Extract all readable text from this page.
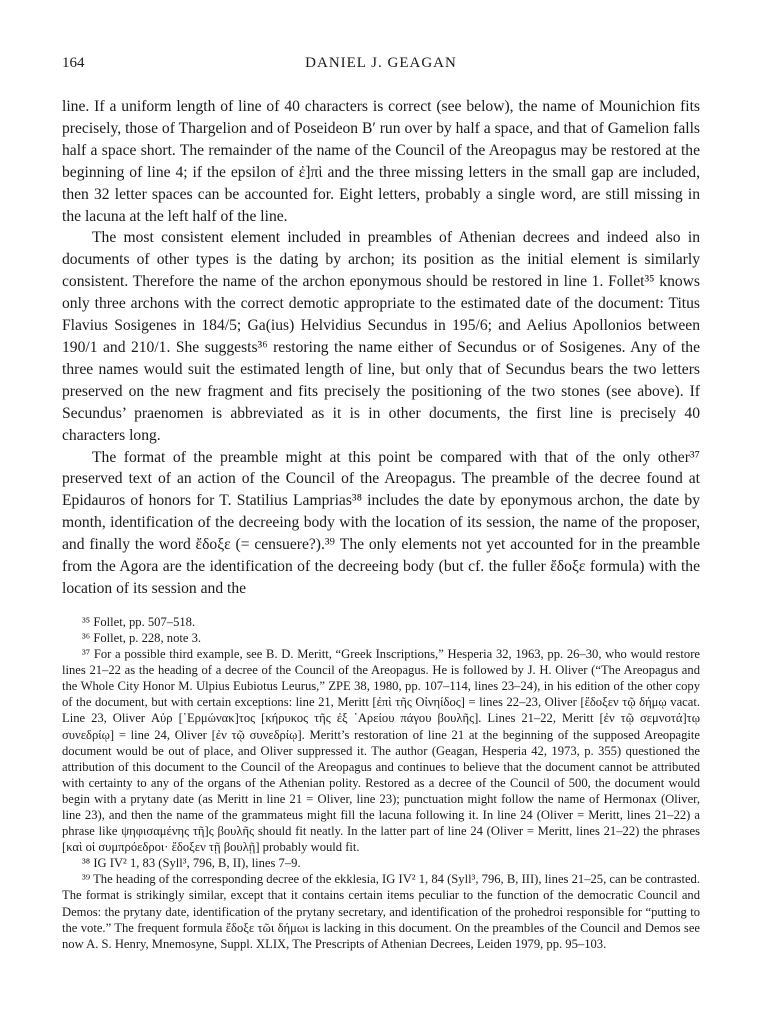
164	DANIEL J. GEAGAN

line. If a uniform length of line of 40 characters is correct (see below), the name of Mounichion fits precisely, those of Thargelion and of Poseideon B′ run over by half a space, and that of Gamelion falls half a space short. The remainder of the name of the Council of the Areopagus may be restored at the beginning of line 4; if the epsilon of ἐ]πὶ and the three missing letters in the small gap are included, then 32 letter spaces can be accounted for. Eight letters, probably a single word, are still missing in the lacuna at the left half of the line.

The most consistent element included in preambles of Athenian decrees and indeed also in documents of other types is the dating by archon; its position as the initial element is similarly consistent. Therefore the name of the archon eponymous should be restored in line 1. Follet³⁵ knows only three archons with the correct demotic appropriate to the estimated date of the document: Titus Flavius Sosigenes in 184/5; Ga(ius) Helvidius Secundus in 195/6; and Aelius Apollonios between 190/1 and 210/1. She suggests³⁶ restoring the name either of Secundus or of Sosigenes. Any of the three names would suit the estimated length of line, but only that of Secundus bears the two letters preserved on the new fragment and fits precisely the positioning of the two stones (see above). If Secundus’ praenomen is abbreviated as it is in other documents, the first line is precisely 40 characters long.

The format of the preamble might at this point be compared with that of the only other³⁷ preserved text of an action of the Council of the Areopagus. The preamble of the decree found at Epidauros of honors for T. Statilius Lamprias³⁸ includes the date by eponymous archon, the date by month, identification of the decreeing body with the location of its session, the name of the proposer, and finally the word ἔδοξε (= censuere?).³⁹ The only elements not yet accounted for in the preamble from the Agora are the identification of the decreeing body (but cf. the fuller ἔδοξε formula) with the location of its session and the

³⁵ Follet, pp. 507–518.

³⁶ Follet, p. 228, note 3.

³⁷ For a possible third example, see B. D. Meritt, “Greek Inscriptions,” Hesperia 32, 1963, pp. 26–30, who would restore lines 21–22 as the heading of a decree of the Council of the Areopagus. He is followed by J. H. Oliver (“The Areopagus and the Whole City Honor M. Ulpius Eubiotus Leurus,” ZPE 38, 1980, pp. 107–114, lines 23–24), in his edition of the other copy of the document, but with certain exceptions: line 21, Meritt [ἐπὶ τῆς Οἰνηίδος] = lines 22–23, Oliver [ἔδοξεν τῷ δήμῳ vacat. Line 23, Oliver Αὐρ [῾Ερμώνακ]τος [κήρυκος τῆς ἐξ ᾽Αρείου πάγου βουλῆς]. Lines 21–22, Meritt [ἐν τῷ σεμνοτά]τῳ συνεδρίῳ] = line 24, Oliver [ἐν τῷ συνεδρίῳ]. Meritt’s restoration of line 21 at the beginning of the supposed Areopagite document would be out of place, and Oliver suppressed it. The author (Geagan, Hesperia 42, 1973, p. 355) questioned the attribution of this document to the Council of the Areopagus and continues to believe that the document cannot be attributed with certainty to any of the organs of the Athenian polity. Restored as a decree of the Council of 500, the document would begin with a prytany date (as Meritt in line 21 = Oliver, line 23); punctuation might follow the name of Hermonax (Oliver, line 23), and then the name of the grammateus might fill the lacuna following it. In line 24 (Oliver = Meritt, lines 21–22) a phrase like ψηφισαμένης τῆ]ς βουλῆς should fit neatly. In the latter part of line 24 (Oliver = Meritt, lines 21–22) the phrases [καὶ οἱ συμπρόεδροι· ἔδοξεν τῇ βουλῇ] probably would fit.

³⁸ IG IV² 1, 83 (Syll³, 796, B, II), lines 7–9.

³⁹ The heading of the corresponding decree of the ekklesia, IG IV² 1, 84 (Syll³, 796, B, III), lines 21–25, can be contrasted. The format is strikingly similar, except that it contains certain items peculiar to the function of the democratic Council and Demos: the prytany date, identification of the prytany secretary, and identification of the prohedroi responsible for “putting to the vote.” The frequent formula ἔδοξε τῶι δήμωι is lacking in this document. On the preambles of the Council and Demos see now A. S. Henry, Mnemosyne, Suppl. XLIX, The Prescripts of Athenian Decrees, Leiden 1979, pp. 95–103.
